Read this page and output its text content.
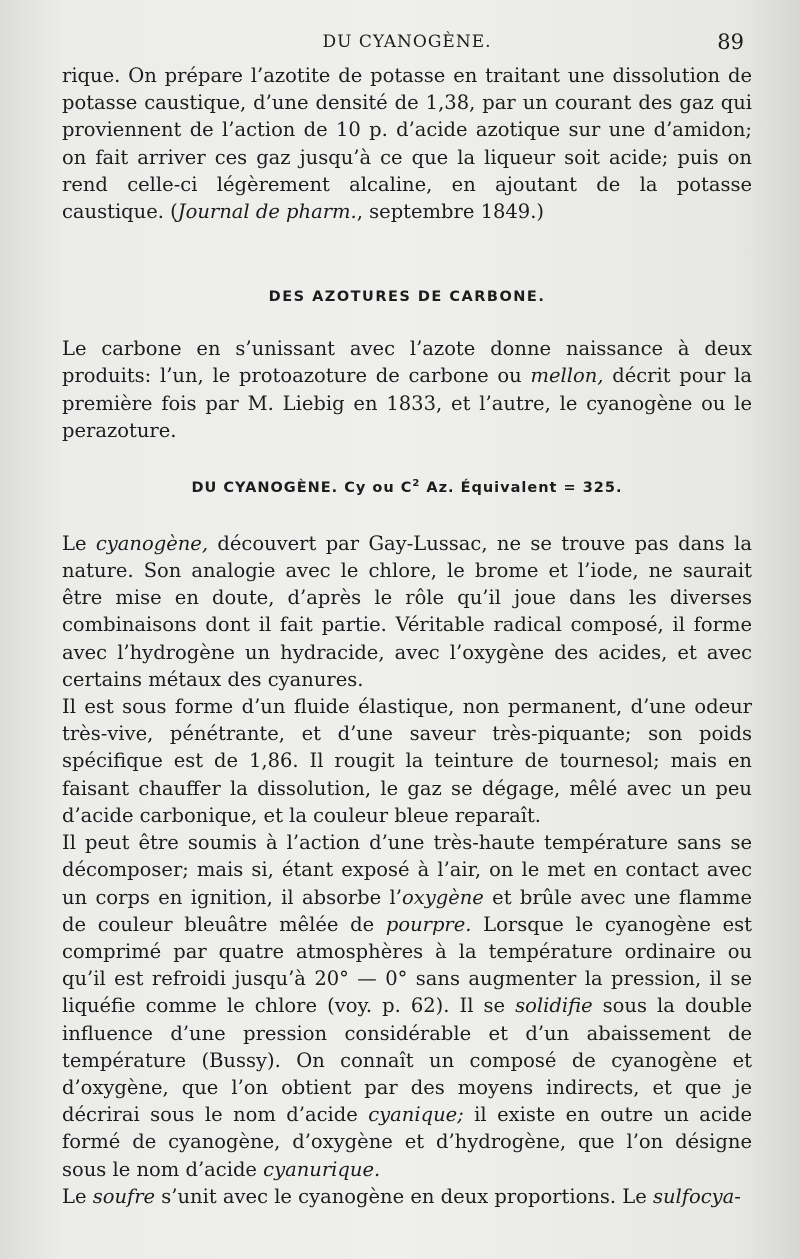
DU CYANOGÈNE.	89

rique. On prépare l’azotite de potasse en traitant une dissolution de potasse caustique, d’une densité de 1,38, par un courant des gaz qui proviennent de l’action de 10 p. d’acide azotique sur une d’amidon; on fait arriver ces gaz jusqu’à ce que la liqueur soit acide; puis on rend celle-ci légèrement alcaline, en ajoutant de la potasse caustique. (Journal de pharm., septembre 1849.)

DES AZOTURES DE CARBONE.

Le carbone en s’unissant avec l’azote donne naissance à deux produits: l’un, le protoazoture de carbone ou mellon, décrit pour la première fois par M. Liebig en 1833, et l’autre, le cyanogène ou le perazoture.

DU CYANOGÈNE. Cy ou $C^2$ Az. Équivalent = 325.

Le cyanogène, découvert par Gay-Lussac, ne se trouve pas dans la nature. Son analogie avec le chlore, le brome et l’iode, ne saurait être mise en doute, d’après le rôle qu’il joue dans les diverses combinaisons dont il fait partie. Véritable radical composé, il forme avec l’hydrogène un hydracide, avec l’oxygène des acides, et avec certains métaux des cyanures.

Il est sous forme d’un fluide élastique, non permanent, d’une odeur très-vive, pénétrante, et d’une saveur très-piquante; son poids spécifique est de 1,86. Il rougit la teinture de tournesol; mais en faisant chauffer la dissolution, le gaz se dégage, mêlé avec un peu d’acide carbonique, et la couleur bleue reparaît.

Il peut être soumis à l’action d’une très-haute température sans se décomposer; mais si, étant exposé à l’air, on le met en contact avec un corps en ignition, il absorbe l’oxygène et brûle avec une flamme de couleur bleuâtre mêlée de pourpre. Lorsque le cyanogène est comprimé par quatre atmosphères à la température ordinaire ou qu’il est refroidi jusqu’à 20° — 0° sans augmenter la pression, il se liquéfie comme le chlore (voy. p. 62). Il se solidifie sous la double influence d’une pression considérable et d’un abaissement de température (Bussy). On connaît un composé de cyanogène et d’oxygène, que l’on obtient par des moyens indirects, et que je décrirai sous le nom d’acide cyanique; il existe en outre un acide formé de cyanogène, d’oxygène et d’hydrogène, que l’on désigne sous le nom d’acide cyanurique.

Le soufre s’unit avec le cyanogène en deux proportions. Le sulfocya-
